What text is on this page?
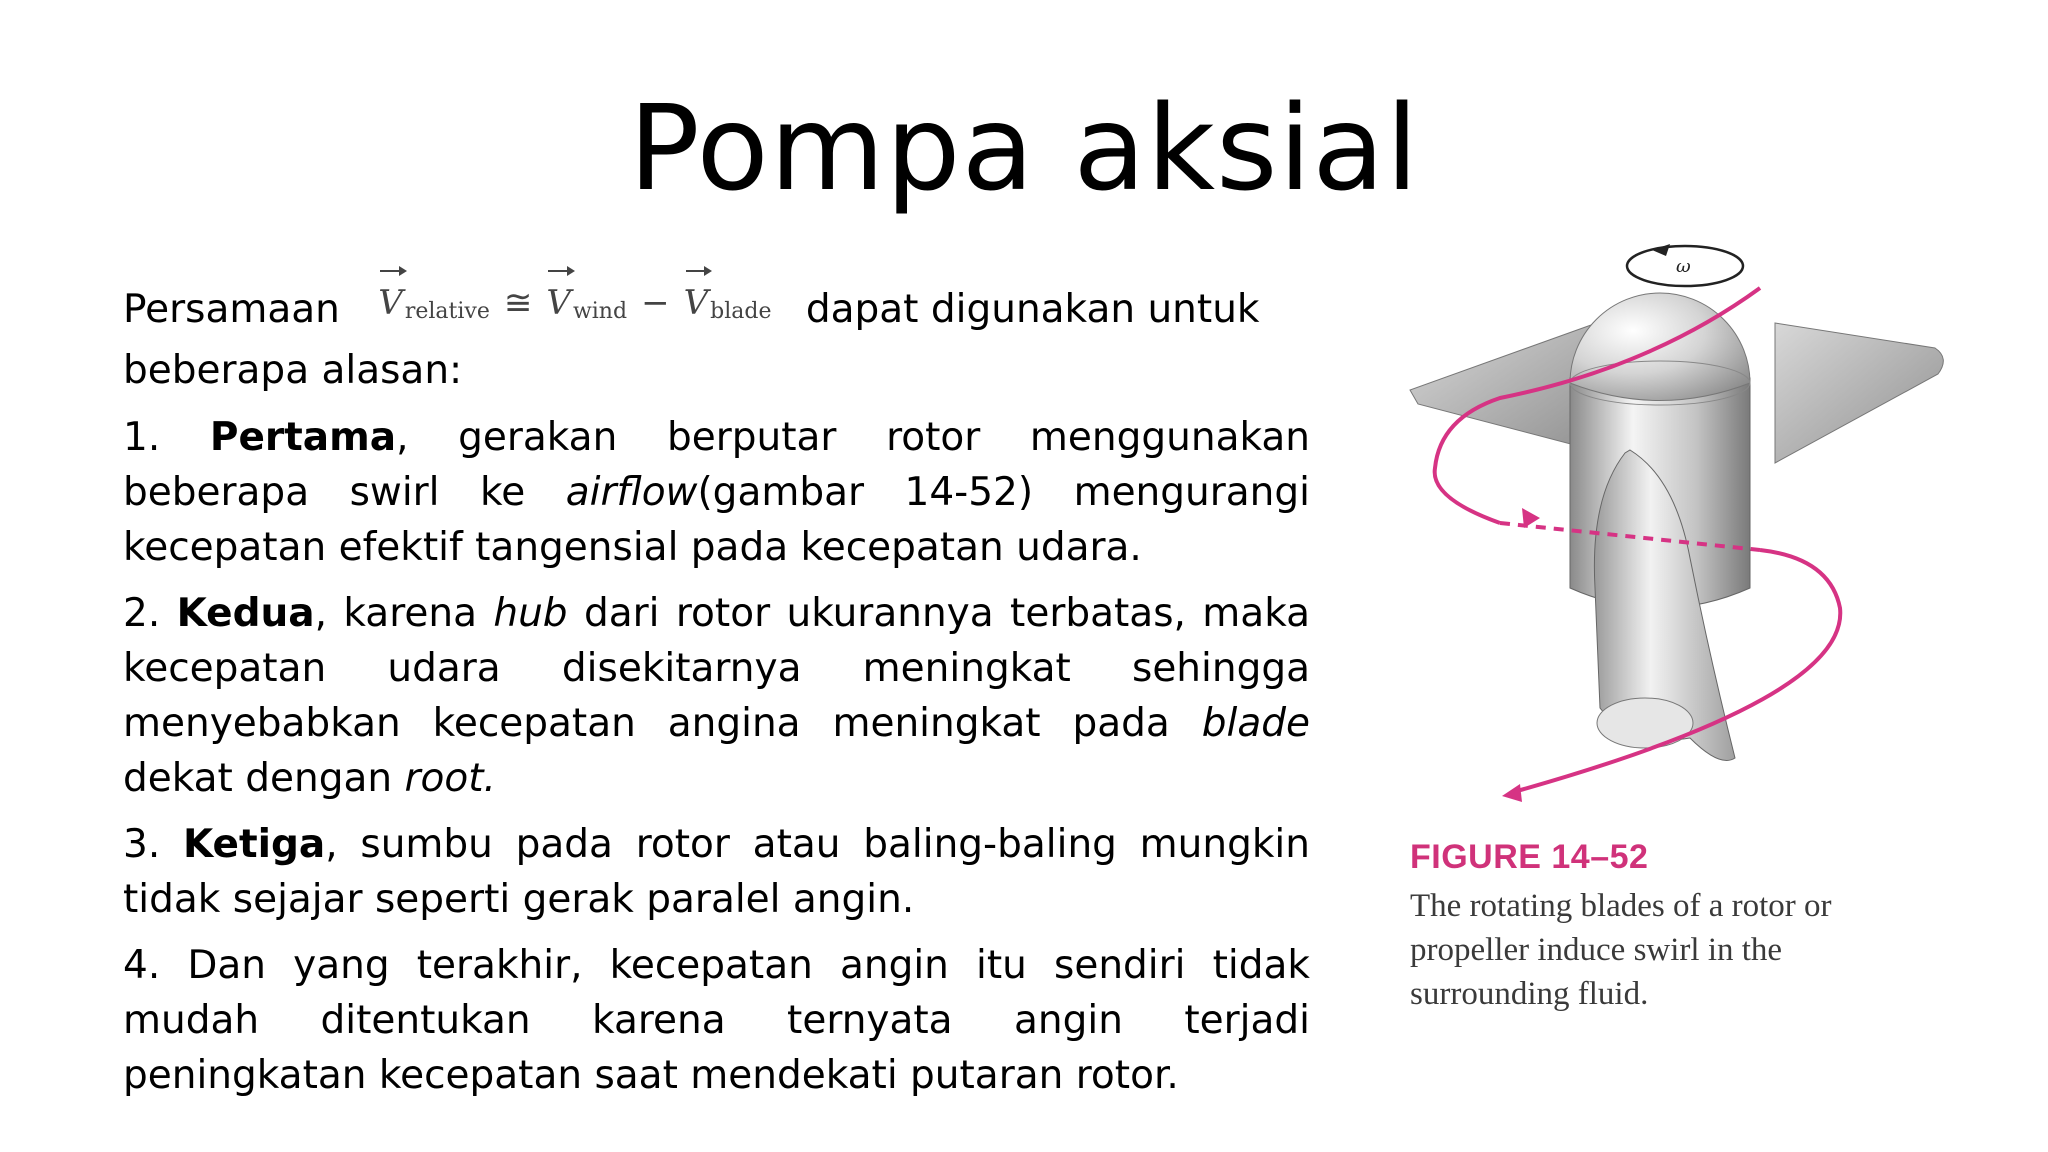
Pompa aksial

Persamaan $V_{relative}$ ≅ $V_{wind} - V_{blade}$ dapat digunakan untuk beberapa alasan:

1. Pertama, gerakan berputar rotor menggunakan beberapa swirl ke airflow(gambar 14-52) mengurangi kecepatan efektif tangensial pada kecepatan udara.

2. Kedua, karena hub dari rotor ukurannya terbatas, maka kecepatan udara disekitarnya meningkat sehingga menyebabkan kecepatan angina meningkat pada blade dekat dengan root.

3. Ketiga, sumbu pada rotor atau baling-baling mungkin tidak sejajar seperti gerak paralel angin.

4. Dan yang terakhir, kecepatan angin itu sendiri tidak mudah ditentukan karena ternyata angin terjadi peningkatan kecepatan saat mendekati putaran rotor.

ω
FIGURE 14–52
The rotating blades of a rotor or propeller induce swirl in the surrounding fluid.
